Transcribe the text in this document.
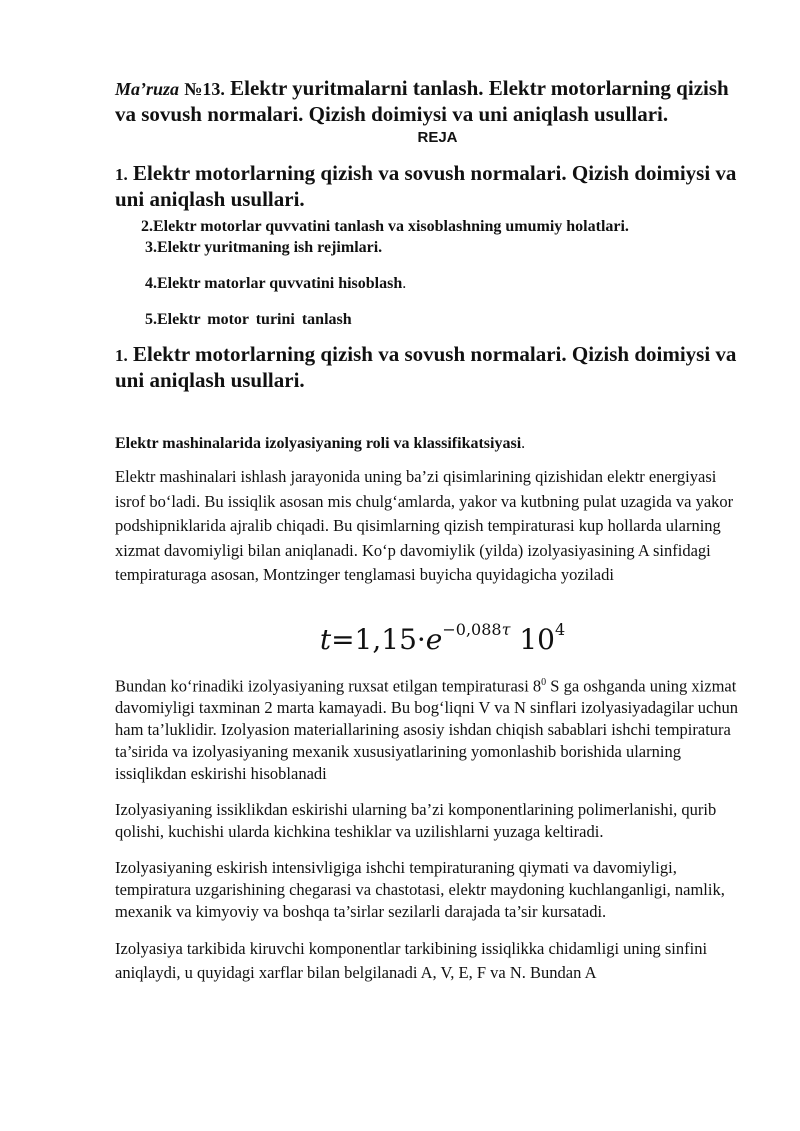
Ma’ruza №13. Elektr yuritmalarni tanlash. Elektr motorlarning qizish va sovush normalari. Qizish doimiysi va uni aniqlash usullari.

REJA

1. Elektr motorlarning qizish va sovush normalari. Qizish doimiysi va uni aniqlash usullari.

2.Elektr motorlar quvvatini tanlash va xisoblashning umumiy holatlari.

3.Elektr yuritmaning ish rejimlari.

4.Elektr matorlar quvvatini hisoblash.

5.Elektr motor turini tanlash

1. Elektr motorlarning qizish va sovush normalari. Qizish doimiysi va uni aniqlash usullari.

Elektr mashinalarida izolyasiyaning roli va klassifikatsiyasi.

Elektr mashinalari ishlash jarayonida uning ba’zi qisimlarining qizishidan elektr energiyasi isrof bo‘ladi. Bu issiqlik asosan mis chulg‘amlarda, yakor va kutbning pulat uzagida va yakor podshipniklarida ajralib chiqadi. Bu qisimlarning qizish tempiraturasi kup hollarda ularning xizmat davomiyligi bilan aniqlanadi. Ko‘p davomiylik (yilda) izolyasiyasining A sinfidagi tempiraturaga asosan, Montzinger tenglamasi buyicha quyidagicha yoziladi

$t=1,15\cdot e^{-0,088\tau}$ $10^4$

Bundan ko‘rinadiki izolyasiyaning ruxsat etilgan tempiraturasi $8^0$ S ga oshganda uning xizmat davomiyligi taxminan 2 marta kamayadi. Bu bog‘liqni V va N sinflari izolyasiyadagilar uchun ham ta’luklidir. Izolyasion materiallarining asosiy ishdan chiqish sabablari ishchi tempiratura ta’sirida va izolyasiyaning mexanik xususiyatlarining yomonlashib borishida ularning issiqlikdan eskirishi hisoblanadi

Izolyasiyaning issiklikdan eskirishi ularning ba’zi komponentlarining polimerlanishi, qurib qolishi, kuchishi ularda kichkina teshiklar va uzilishlarni yuzaga keltiradi.

Izolyasiyaning eskirish intensivligiga ishchi tempiraturaning qiymati va davomiyligi, tempiratura uzgarishining chegarasi va chastotasi, elektr maydoning kuchlanganligi, namlik, mexanik va kimyoviy va boshqa ta’sirlar sezilarli darajada ta’sir kursatadi.

Izolyasiya tarkibida kiruvchi komponentlar tarkibining issiqlikka chidamligi uning sinfini aniqlaydi, u quyidagi xarflar bilan belgilanadi A, V, E, F va N. Bundan A
